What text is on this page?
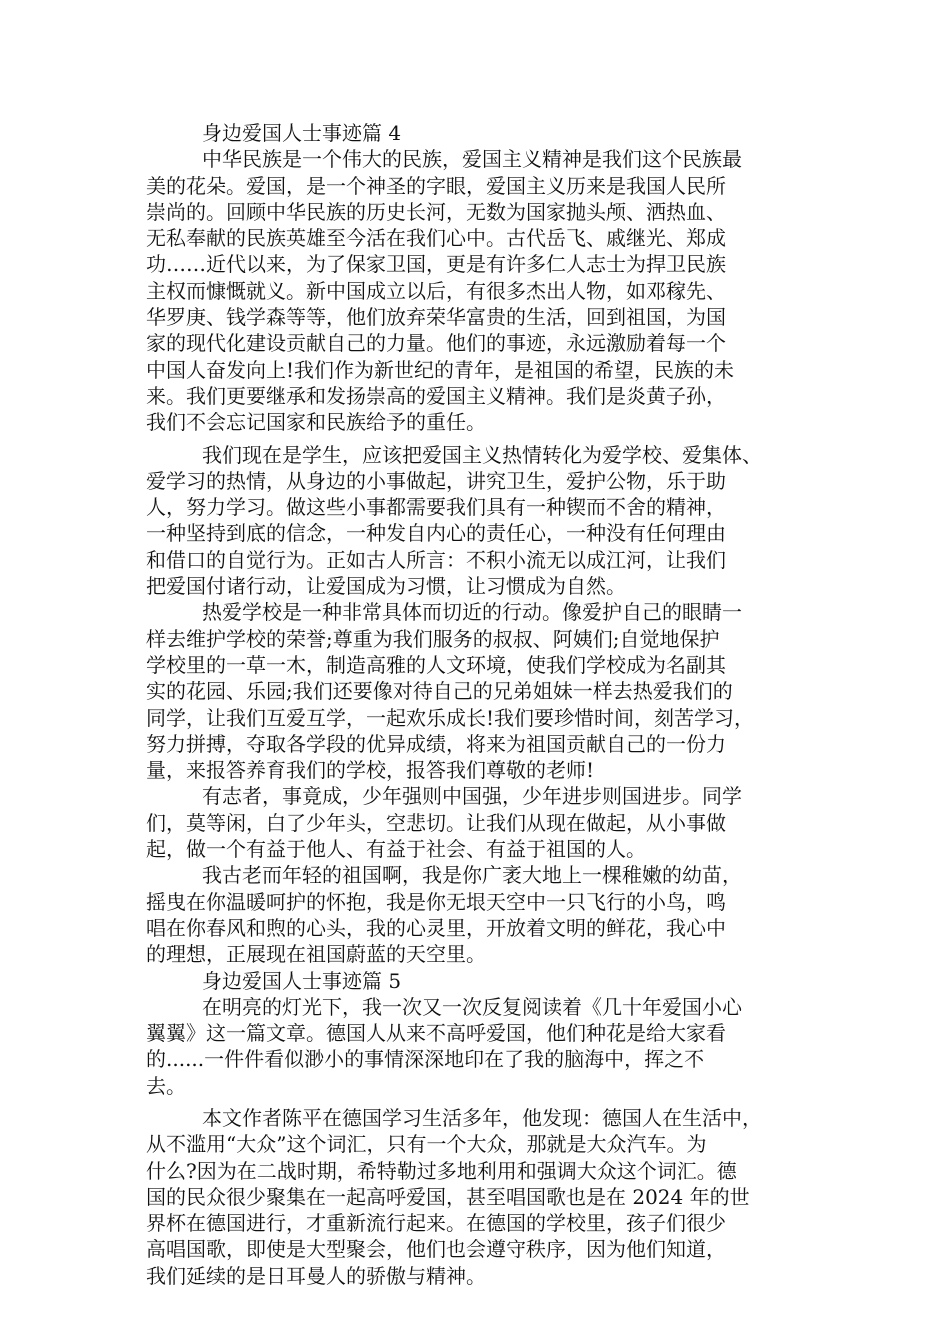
身边爱国人士事迹篇 4
中华民族是一个伟大的民族，爱国主义精神是我们这个民族最
美的花朵。爱国，是一个神圣的字眼，爱国主义历来是我国人民所
崇尚的。回顾中华民族的历史长河，无数为国家抛头颅、洒热血、
无私奉献的民族英雄至今活在我们心中。古代岳飞、戚继光、郑成
功……近代以来，为了保家卫国，更是有许多仁人志士为捍卫民族
主权而慷慨就义。新中国成立以后，有很多杰出人物，如邓稼先、
华罗庚、钱学森等等，他们放弃荣华富贵的生活，回到祖国，为国
家的现代化建设贡献自己的力量。他们的事迹，永远激励着每一个
中国人奋发向上!我们作为新世纪的青年，是祖国的希望，民族的未
来。我们更要继承和发扬崇高的爱国主义精神。我们是炎黄子孙，
我们不会忘记国家和民族给予的重任。
我们现在是学生，应该把爱国主义热情转化为爱学校、爱集体、
爱学习的热情，从身边的小事做起，讲究卫生，爱护公物，乐于助
人，努力学习。做这些小事都需要我们具有一种锲而不舍的精神，
一种坚持到底的信念，一种发自内心的责任心，一种没有任何理由
和借口的自觉行为。正如古人所言：不积小流无以成江河，让我们
把爱国付诸行动，让爱国成为习惯，让习惯成为自然。
热爱学校是一种非常具体而切近的行动。像爱护自己的眼睛一
样去维护学校的荣誉;尊重为我们服务的叔叔、阿姨们;自觉地保护
学校里的一草一木，制造高雅的人文环境，使我们学校成为名副其
实的花园、乐园;我们还要像对待自己的兄弟姐妹一样去热爱我们的
同学，让我们互爱互学，一起欢乐成长!我们要珍惜时间，刻苦学习，
努力拼搏，夺取各学段的优异成绩，将来为祖国贡献自己的一份力
量，来报答养育我们的学校，报答我们尊敬的老师!
有志者，事竟成，少年强则中国强，少年进步则国进步。同学
们，莫等闲，白了少年头，空悲切。让我们从现在做起，从小事做
起，做一个有益于他人、有益于社会、有益于祖国的人。
我古老而年轻的祖国啊，我是你广袤大地上一棵稚嫩的幼苗，
摇曳在你温暖呵护的怀抱，我是你无垠天空中一只飞行的小鸟，鸣
唱在你春风和煦的心头，我的心灵里，开放着文明的鲜花，我心中
的理想，正展现在祖国蔚蓝的天空里。
身边爱国人士事迹篇 5
在明亮的灯光下，我一次又一次反复阅读着《几十年爱国小心
翼翼》这一篇文章。德国人从来不高呼爱国，他们种花是给大家看
的......一件件看似渺小的事情深深地印在了我的脑海中，挥之不
去。
本文作者陈平在德国学习生活多年，他发现：德国人在生活中，
从不滥用“大众”这个词汇，只有一个大众，那就是大众汽车。为
什么?因为在二战时期，希特勒过多地利用和强调大众这个词汇。德
国的民众很少聚集在一起高呼爱国，甚至唱国歌也是在 2024 年的世
界杯在德国进行，才重新流行起来。在德国的学校里，孩子们很少
高唱国歌，即使是大型聚会，他们也会遵守秩序，因为他们知道，
我们延续的是日耳曼人的骄傲与精神。
